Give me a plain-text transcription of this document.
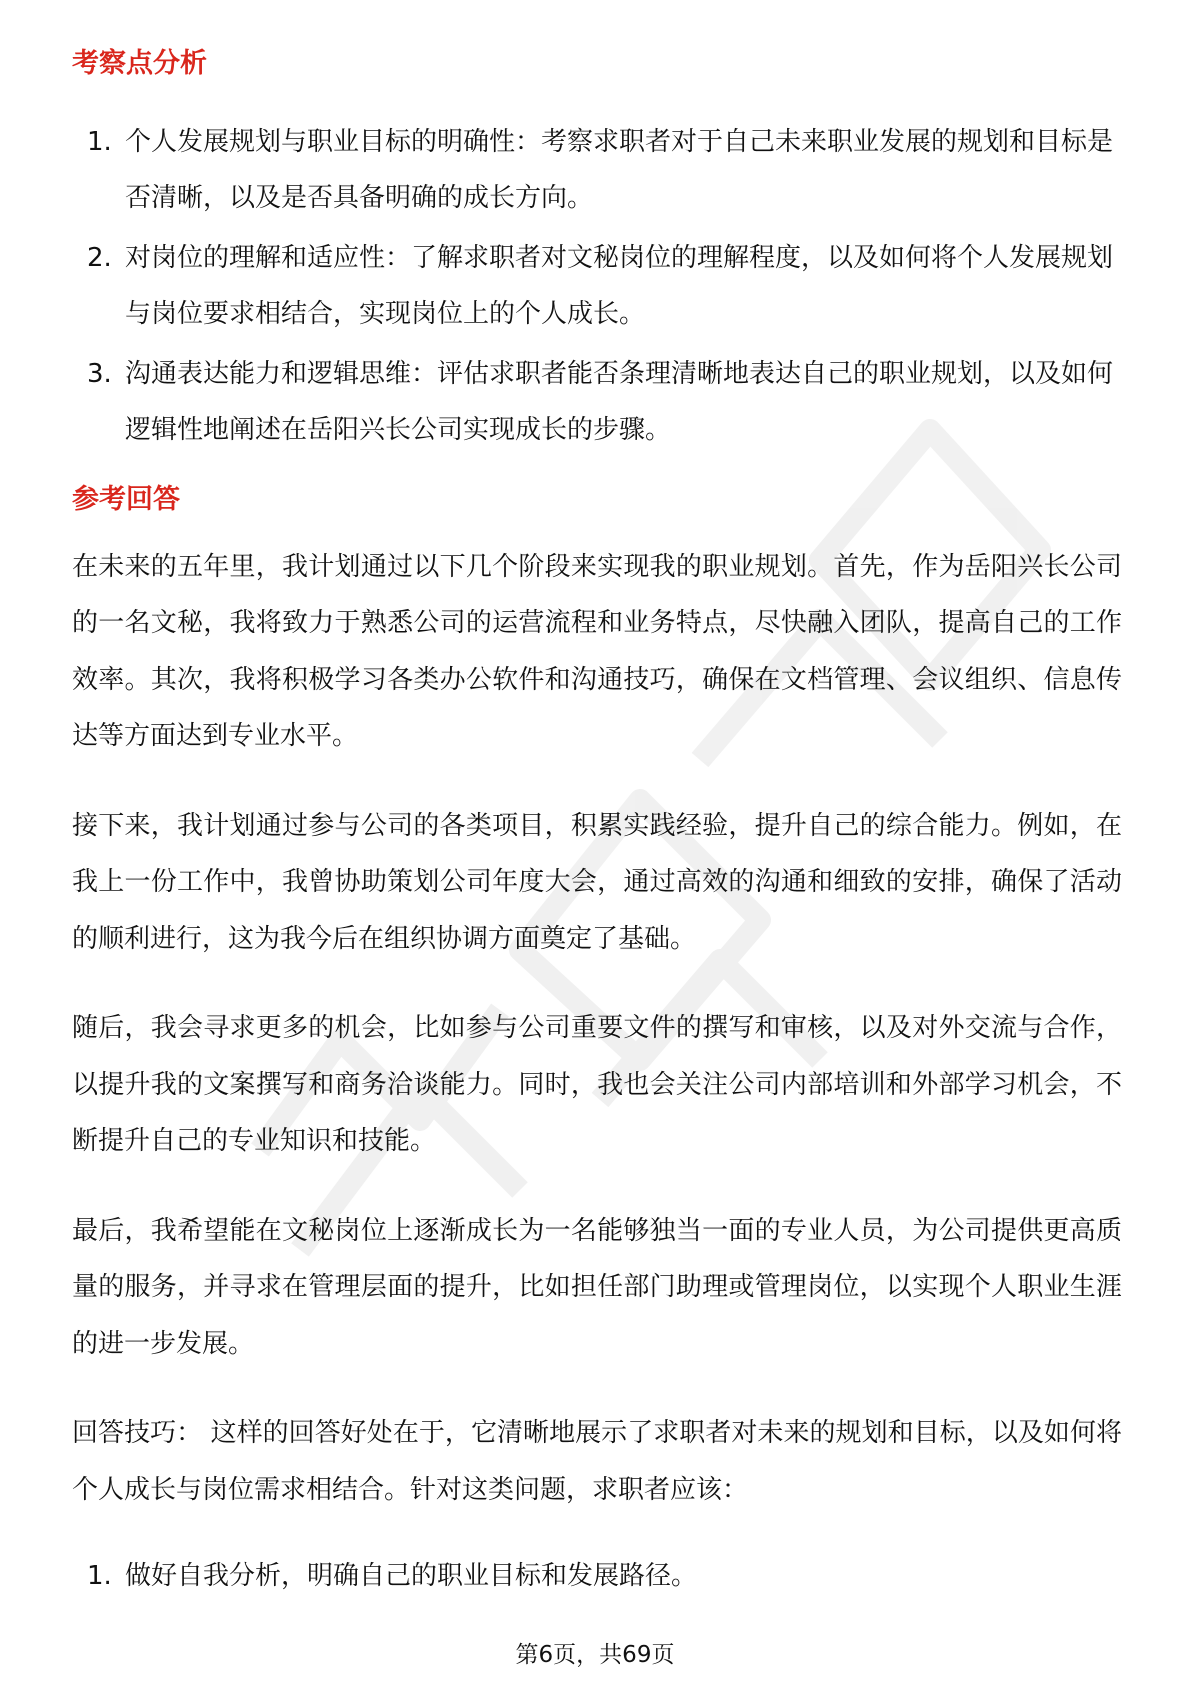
考察点分析
1. 个人发展规划与职业目标的明确性：考察求职者对于自己未来职业发展的规划和目标是否清晰，以及是否具备明确的成长方向。
2. 对岗位的理解和适应性：了解求职者对文秘岗位的理解程度，以及如何将个人发展规划与岗位要求相结合，实现岗位上的个人成长。
3. 沟通表达能力和逻辑思维：评估求职者能否条理清晰地表达自己的职业规划，以及如何逻辑性地阐述在岳阳兴长公司实现成长的步骤。
参考回答

在未来的五年里，我计划通过以下几个阶段来实现我的职业规划。首先，作为岳阳兴长公司的一名文秘，我将致力于熟悉公司的运营流程和业务特点，尽快融入团队，提高自己的工作效率。其次，我将积极学习各类办公软件和沟通技巧，确保在文档管理、会议组织、信息传达等方面达到专业水平。

接下来，我计划通过参与公司的各类项目，积累实践经验，提升自己的综合能力。例如，在我上一份工作中，我曾协助策划公司年度大会，通过高效的沟通和细致的安排，确保了活动的顺利进行，这为我今后在组织协调方面奠定了基础。

随后，我会寻求更多的机会，比如参与公司重要文件的撰写和审核，以及对外交流与合作，以提升我的文案撰写和商务洽谈能力。同时，我也会关注公司内部培训和外部学习机会，不断提升自己的专业知识和技能。

最后，我希望能在文秘岗位上逐渐成长为一名能够独当一面的专业人员，为公司提供更高质量的服务，并寻求在管理层面的提升，比如担任部门助理或管理岗位，以实现个人职业生涯的进一步发展。

回答技巧： 这样的回答好处在于，它清晰地展示了求职者对未来的规划和目标，以及如何将个人成长与岗位需求相结合。针对这类问题，求职者应该：

1. 做好自我分析，明确自己的职业目标和发展路径。
第6页，共69页
